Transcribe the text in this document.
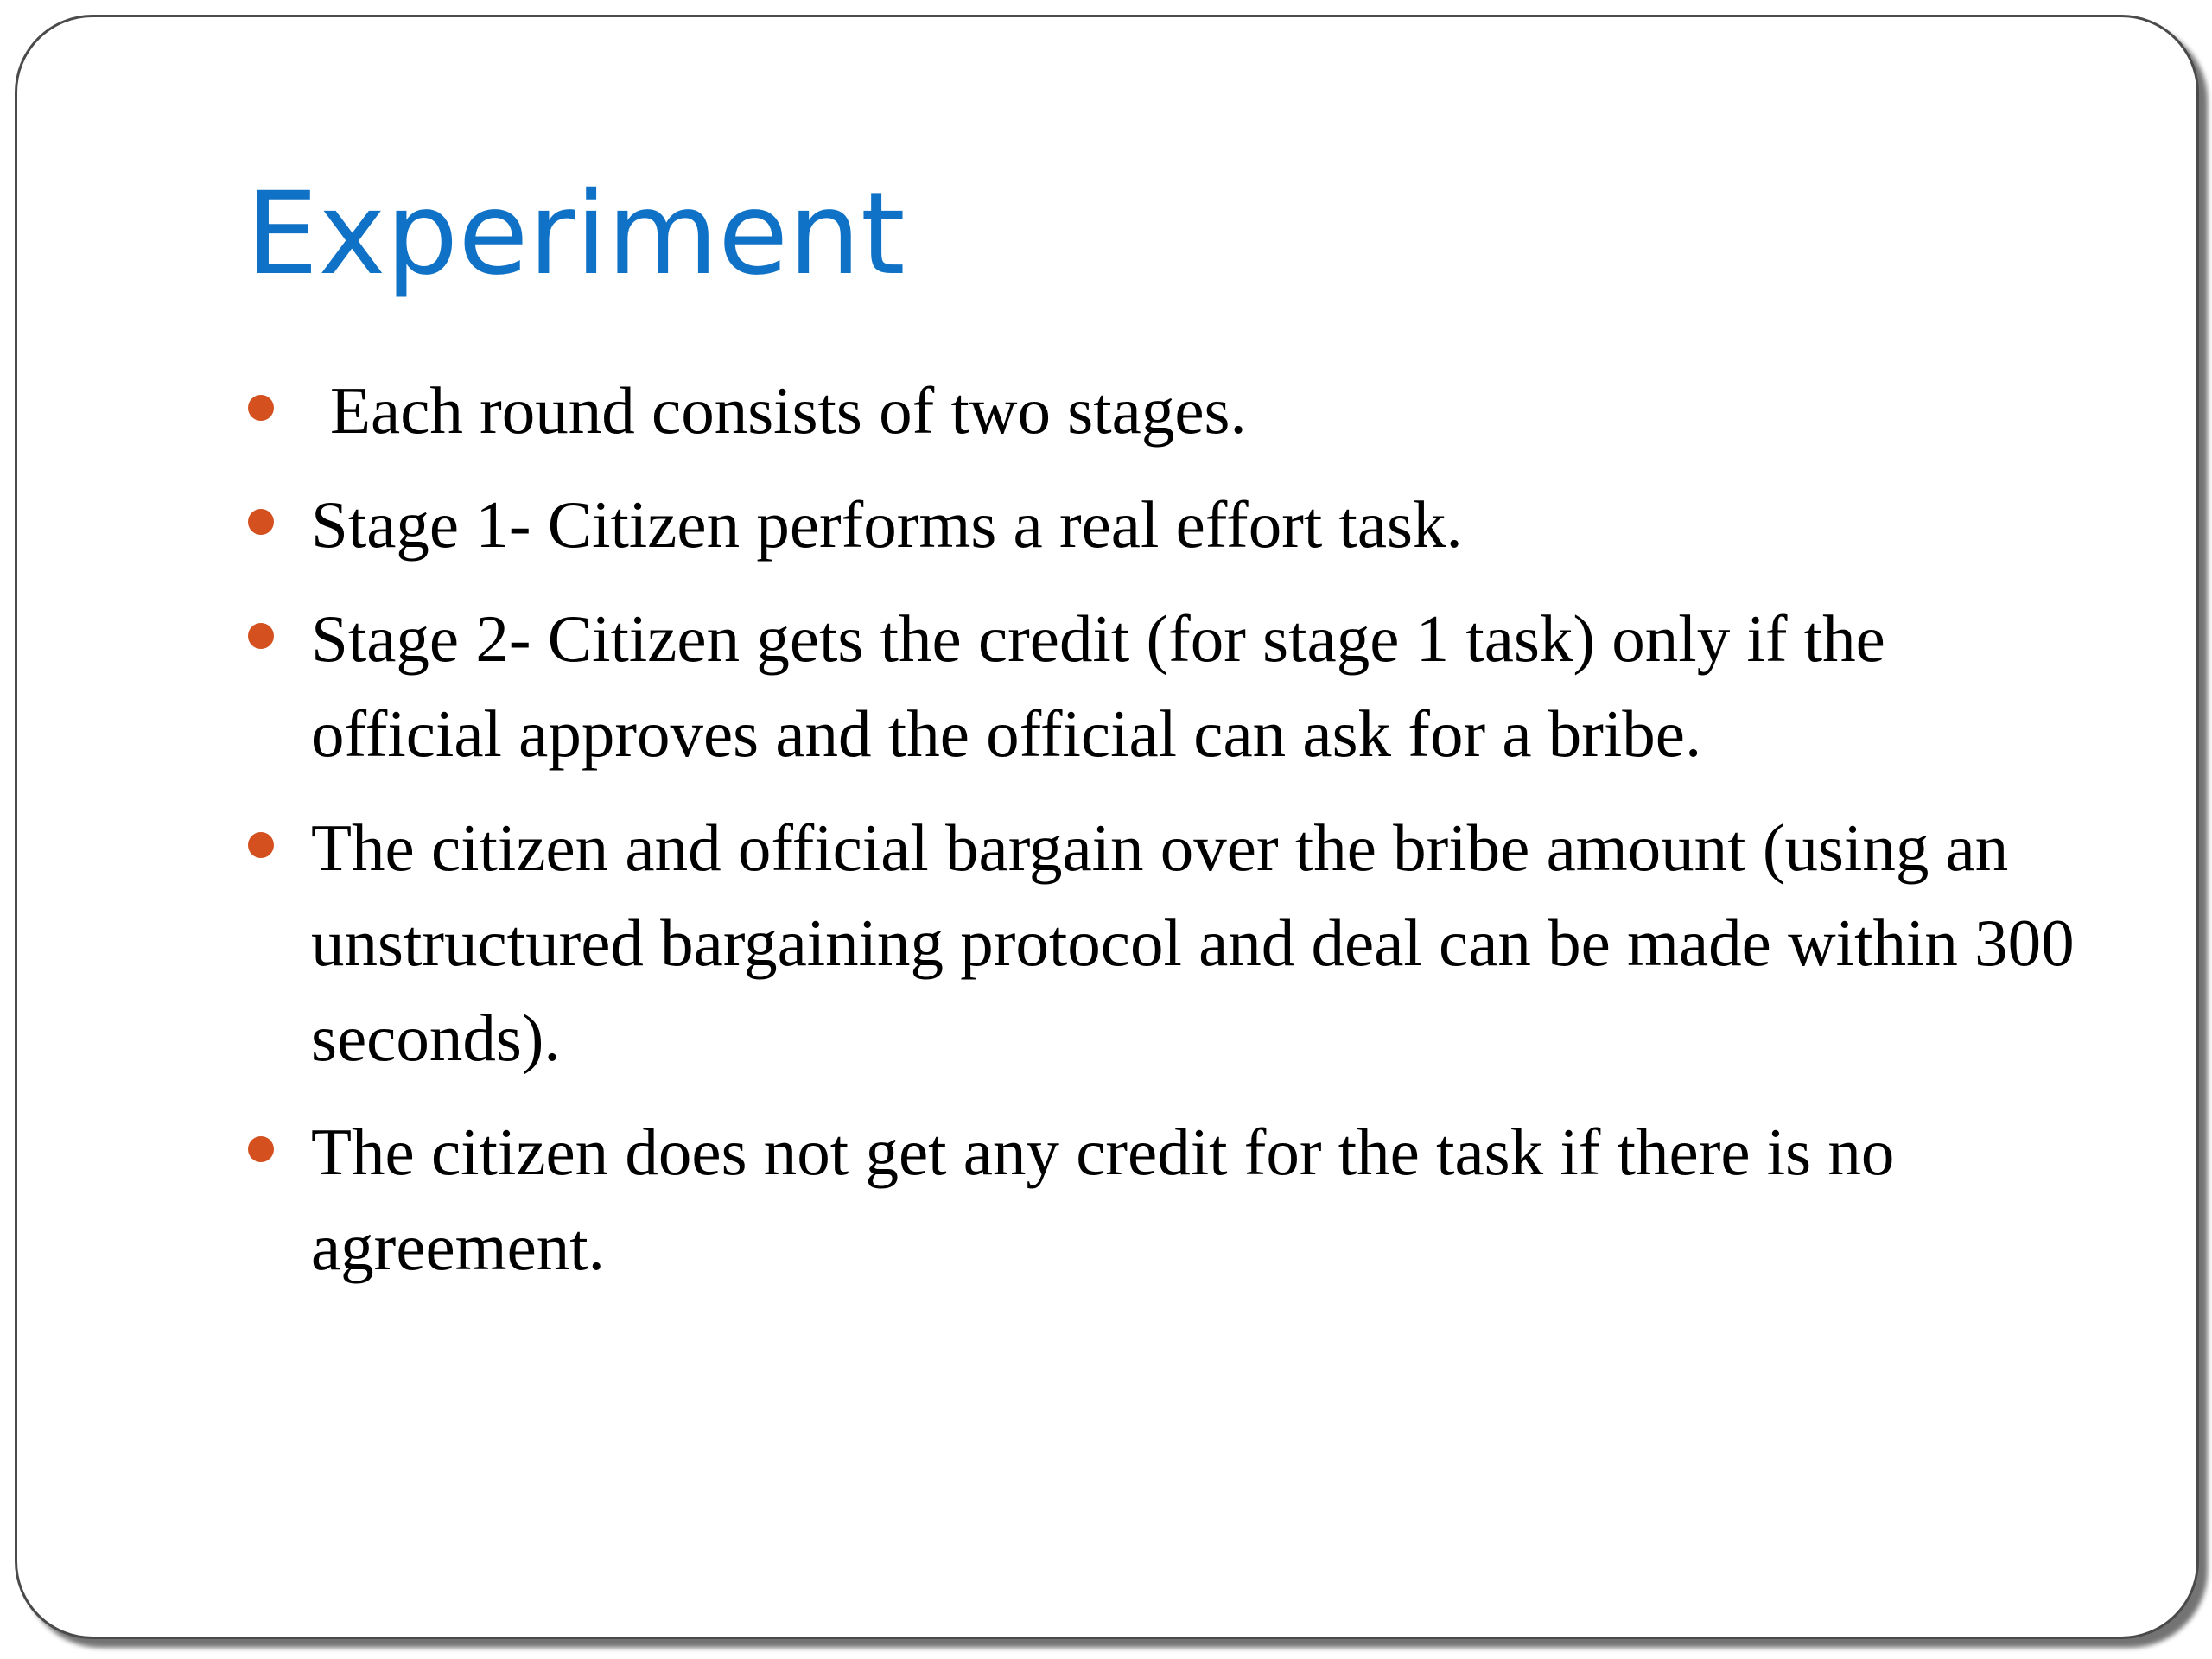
Experiment
Each round consists of two stages.
Stage 1- Citizen performs a real effort task.
Stage 2- Citizen gets the credit (for stage 1 task) only if the official approves and the official can ask for a bribe.
The citizen and official bargain over the bribe amount (using an unstructured bargaining protocol and deal can be made within 300 seconds).
The citizen does not get any credit for the task if there is no agreement.
